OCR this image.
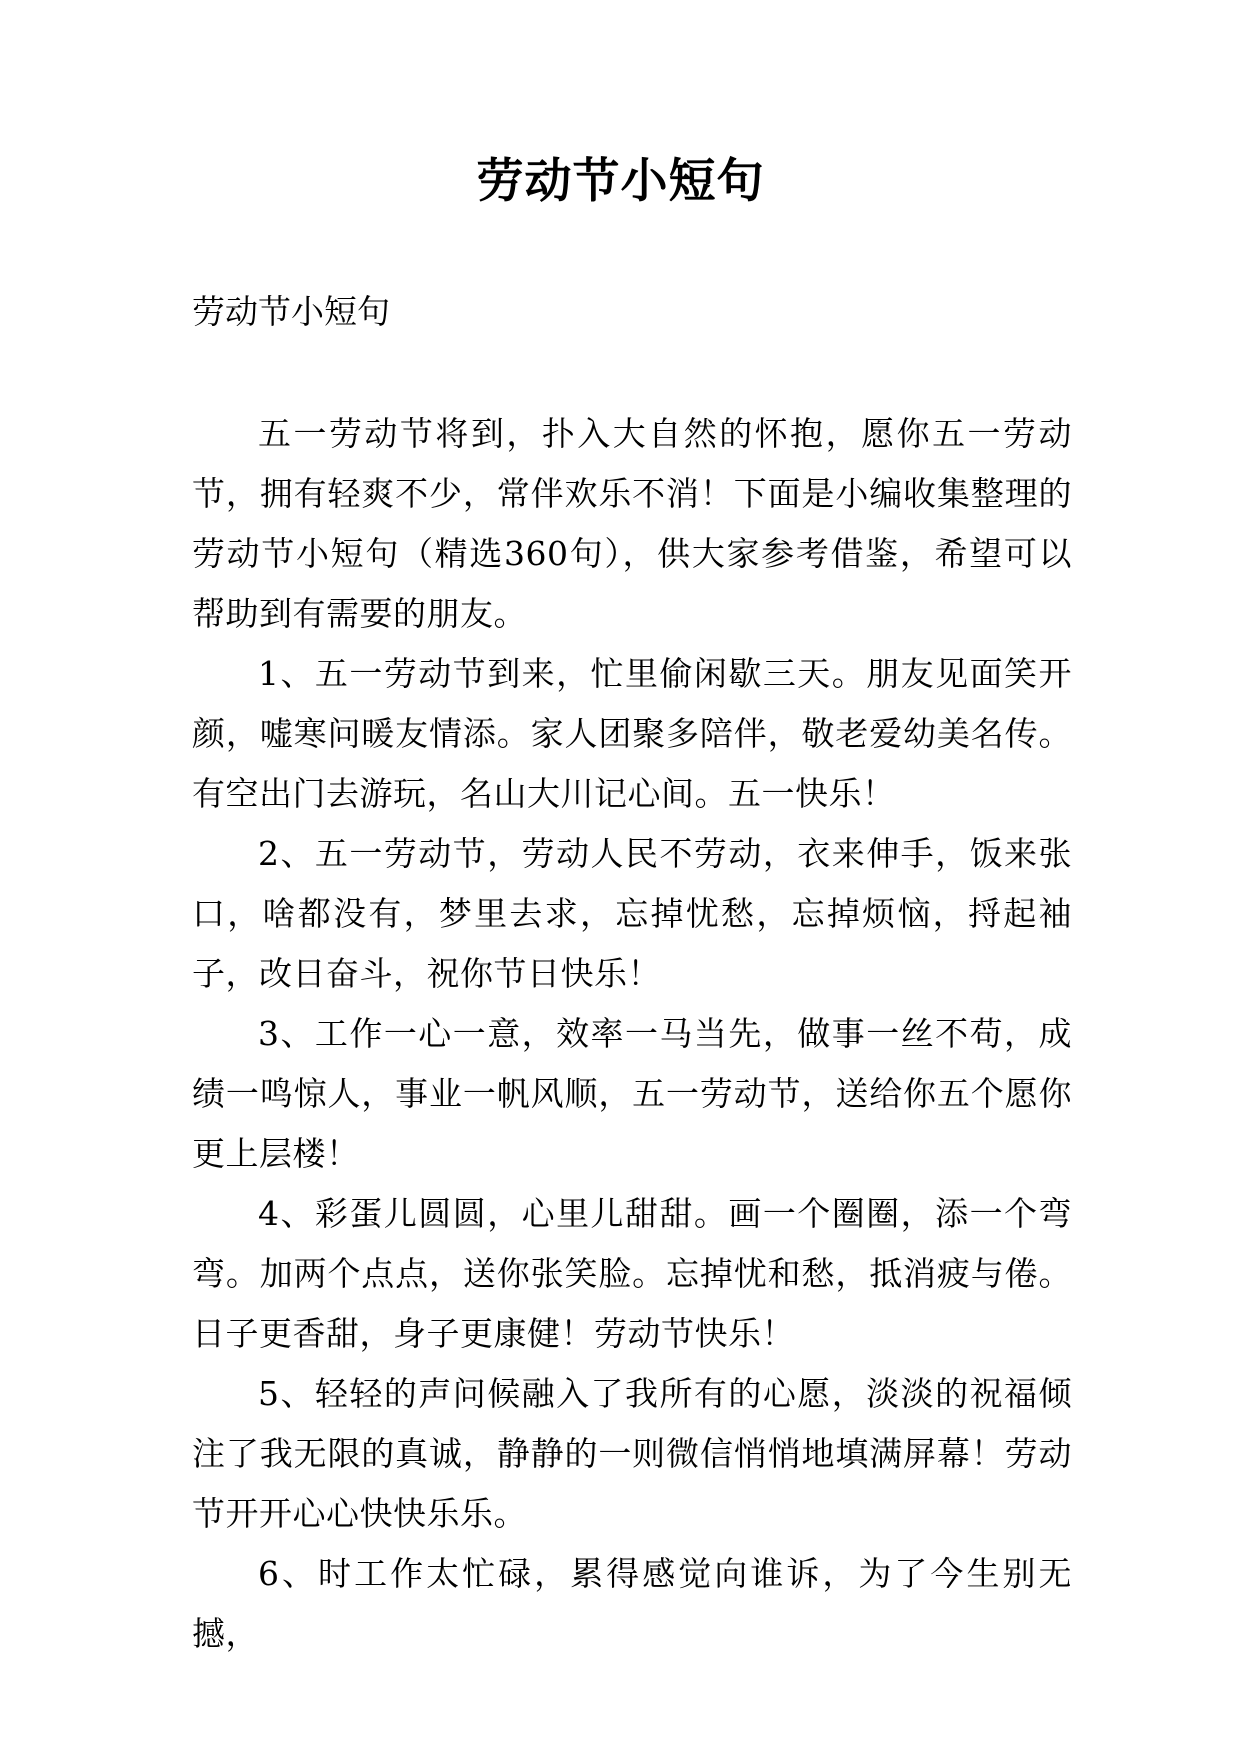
劳动节小短句

劳动节小短句

五一劳动节将到，扑入大自然的怀抱，愿你五一劳动节，拥有轻爽不少，常伴欢乐不消！下面是小编收集整理的劳动节小短句（精选360句），供大家参考借鉴，希望可以帮助到有需要的朋友。

1、五一劳动节到来，忙里偷闲歇三天。朋友见面笑开颜，嘘寒问暖友情添。家人团聚多陪伴，敬老爱幼美名传。有空出门去游玩，名山大川记心间。五一快乐！

2、五一劳动节，劳动人民不劳动，衣来伸手，饭来张口，啥都没有，梦里去求，忘掉忧愁，忘掉烦恼，捋起袖子，改日奋斗，祝你节日快乐！

3、工作一心一意，效率一马当先，做事一丝不苟，成绩一鸣惊人，事业一帆风顺，五一劳动节，送给你五个愿你更上层楼！

4、彩蛋儿圆圆，心里儿甜甜。画一个圈圈，添一个弯弯。加两个点点，送你张笑脸。忘掉忧和愁，抵消疲与倦。日子更香甜，身子更康健！劳动节快乐！

5、轻轻的声问候融入了我所有的心愿，淡淡的祝福倾注了我无限的真诚，静静的一则微信悄悄地填满屏幕！劳动节开开心心快快乐乐。

6、时工作太忙碌，累得感觉向谁诉，为了今生别无撼，
